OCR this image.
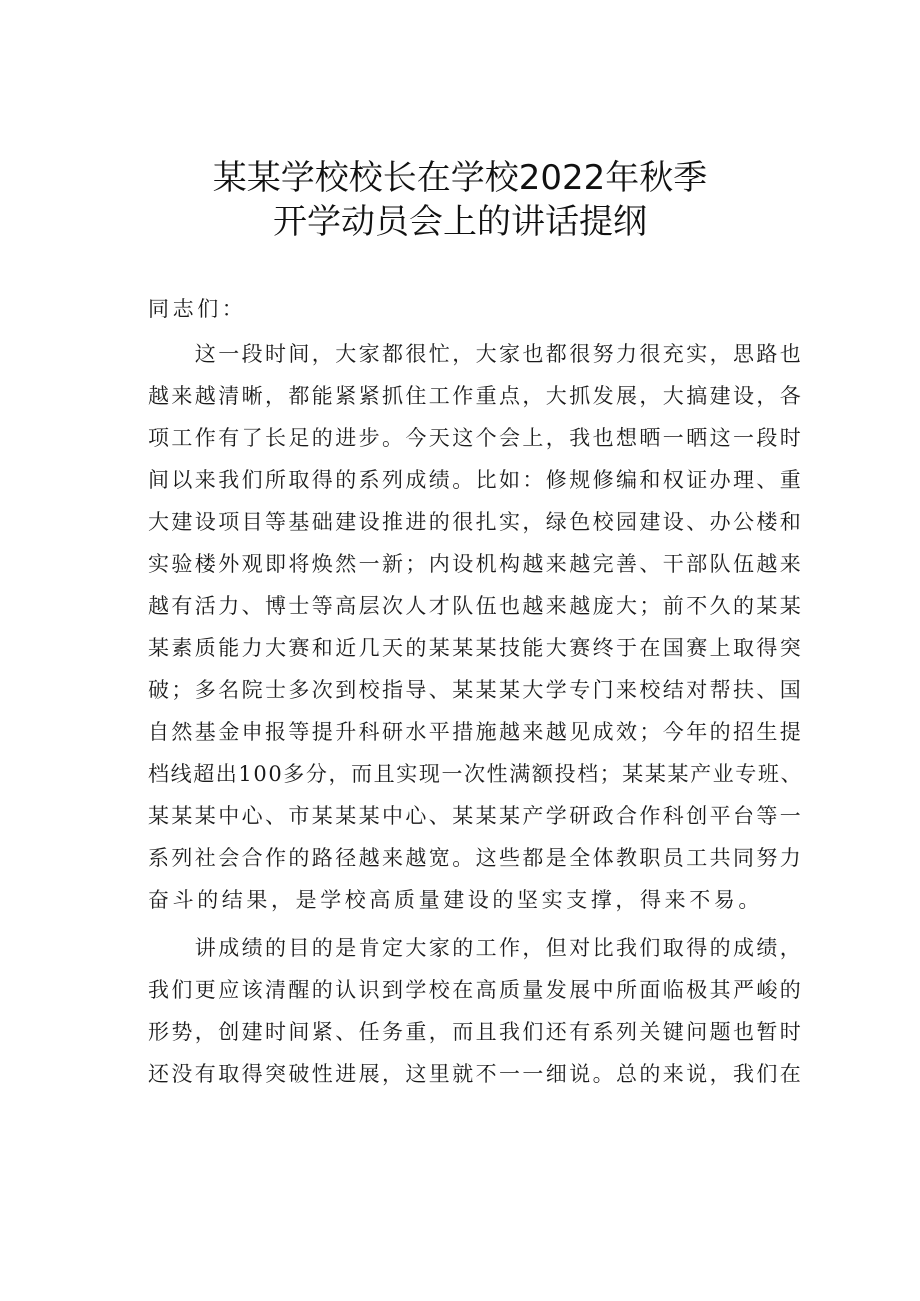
某某学校校长在学校2022年秋季
开学动员会上的讲话提纲
同志们：
　　这一段时间，大家都很忙，大家也都很努力很充实，思路也
越来越清晰，都能紧紧抓住工作重点，大抓发展，大搞建设，各
项工作有了长足的进步。今天这个会上，我也想晒一晒这一段时
间以来我们所取得的系列成绩。比如：修规修编和权证办理、重
大建设项目等基础建设推进的很扎实，绿色校园建设、办公楼和
实验楼外观即将焕然一新；内设机构越来越完善、干部队伍越来
越有活力、博士等高层次人才队伍也越来越庞大；前不久的某某
某素质能力大赛和近几天的某某某技能大赛终于在国赛上取得突
破；多名院士多次到校指导、某某某大学专门来校结对帮扶、国
自然基金申报等提升科研水平措施越来越见成效；今年的招生提
档线超出100多分，而且实现一次性满额投档；某某某产业专班、
某某某中心、市某某某中心、某某某产学研政合作科创平台等一
系列社会合作的路径越来越宽。这些都是全体教职员工共同努力
奋斗的结果，是学校高质量建设的坚实支撑，得来不易。
　　讲成绩的目的是肯定大家的工作，但对比我们取得的成绩，
我们更应该清醒的认识到学校在高质量发展中所面临极其严峻的
形势，创建时间紧、任务重，而且我们还有系列关键问题也暂时
还没有取得突破性进展，这里就不一一细说。总的来说，我们在
